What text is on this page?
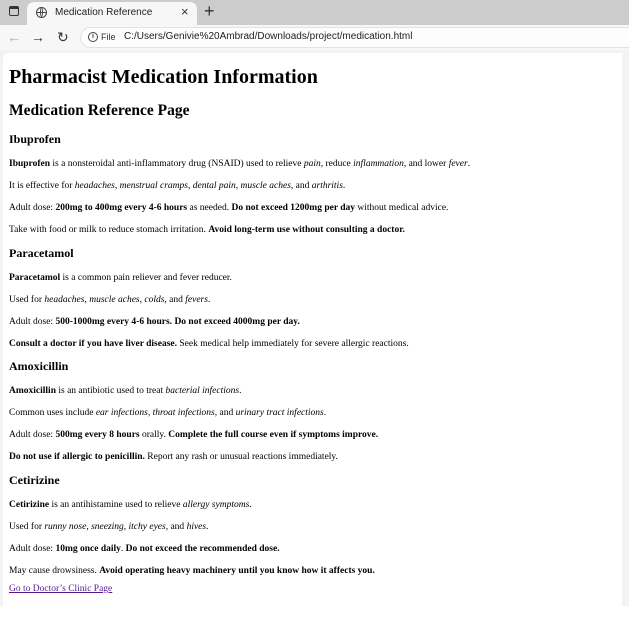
Medication Reference × +
← → ↻	i File C:/Users/Genivie%20Ambrad/Downloads/project/medication.html
Pharmacist Medication Information
Medication Reference Page
Ibuprofen

Ibuprofen is a nonsteroidal anti-inflammatory drug (NSAID) used to relieve pain, reduce inflammation, and lower fever.

It is effective for headaches, menstrual cramps, dental pain, muscle aches, and arthritis.

Adult dose: 200mg to 400mg every 4-6 hours as needed. Do not exceed 1200mg per day without medical advice.

Take with food or milk to reduce stomach irritation. Avoid long-term use without consulting a doctor.

Paracetamol

Paracetamol is a common pain reliever and fever reducer.

Used for headaches, muscle aches, colds, and fevers.

Adult dose: 500-1000mg every 4-6 hours. Do not exceed 4000mg per day.

Consult a doctor if you have liver disease. Seek medical help immediately for severe allergic reactions.

Amoxicillin

Amoxicillin is an antibiotic used to treat bacterial infections.

Common uses include ear infections, throat infections, and urinary tract infections.

Adult dose: 500mg every 8 hours orally. Complete the full course even if symptoms improve.

Do not use if allergic to penicillin. Report any rash or unusual reactions immediately.

Cetirizine

Cetirizine is an antihistamine used to relieve allergy symptoms.

Used for runny nose, sneezing, itchy eyes, and hives.

Adult dose: 10mg once daily. Do not exceed the recommended dose.

May cause drowsiness. Avoid operating heavy machinery until you know how it affects you.

Go to Doctor’s Clinic Page
